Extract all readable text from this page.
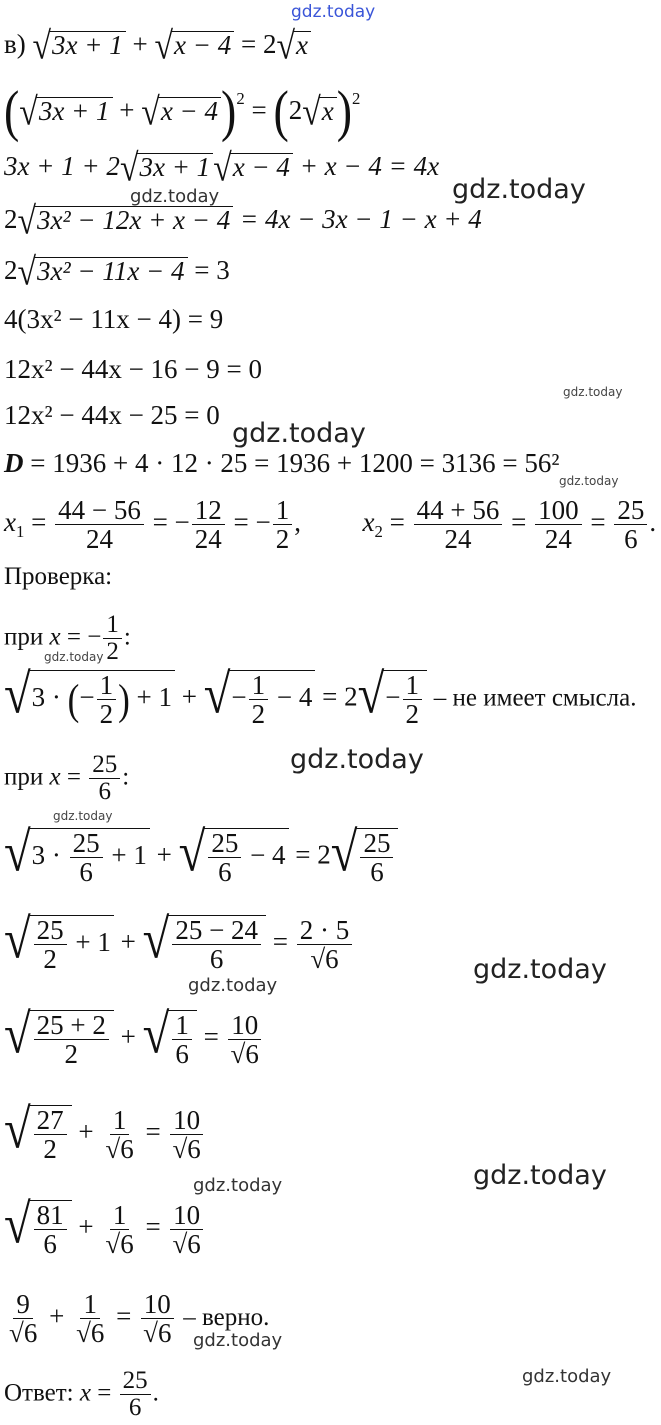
gdz.today
gdz.today
gdz.today
gdz.today
gdz.today
gdz.today
gdz.today
gdz.today
gdz.today
gdz.today
gdz.today
gdz.today
gdz.today
gdz.today
gdz.today
в) √3x + 1 + √x − 4 = 2√x
$(√3x + 1 + √x - 4)^2 = (2√x)^2$
3x + 1 + 2√3x + 1√x − 4 + x − 4 = 4x
2√3x² − 12x + x − 4 = 4x − 3x − 1 − x + 4
2√3x² − 11x − 4 = 3
4(3x² − 11x − 4) = 9
12x² − 44x − 16 − 9 = 0
12x² − 44x − 25 = 0
D = 1936 + 4 · 12 · 25 = 1936 + 1200 = 3136 = 56²
$x_1 = \frac{44 - 56}{24}$ = − $\frac{12}{24}$ = − $\frac{1}{2}$ ,  $x_2 = \frac{44 + 56}{24} = \frac{100}{24} = \frac{25}{6}$ .
Проверка:
при x = − $\frac{1}{2}$ :
√3 · (− $\frac{1}{2}$ ) + 1 + √− $\frac{1}{2} - 4 = 2√- \frac{1}{2}$ – не имеет смысла.
при $x = \frac{25}{6}$ :
$√3 \cdot \frac{25}{6} + 1$ + √ $\frac{25}{6} - 4 = 2√ \frac{25}{6}$
√ $\frac{25}{2} + 1$ + √ $\frac{25 - 24}{6} = \frac{2 \cdot 5}{√6}$
√ $\frac{25 + 2}{2}$ + √ $\frac{1}{6} = \frac{10}{√6}$
√ $\frac{27}{2} + \frac{1}{√6} = \frac{10}{√6}$
√ $\frac{81}{6} + \frac{1}{√6} = \frac{10}{√6}$
$\frac{9}{√6} + \frac{1}{√6} = \frac{10}{√6}$ – верно.
Ответ: $x = \frac{25}{6}$ .
